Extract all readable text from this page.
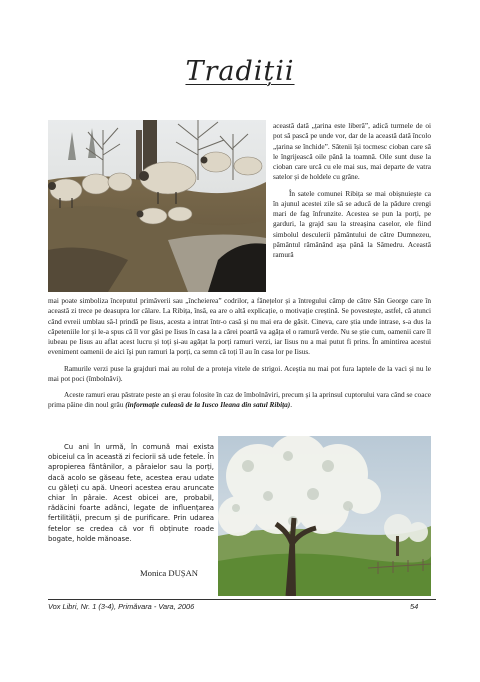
Tradiții

această dată „țarina este liberă”, adică turmele de oi pot să pască pe unde vor, dar de la această dată încolo „țarina se închide”. Sătenii își tocmesc cioban care să le îngrijească oile până la toamnă. Oile sunt duse la cioban care urcă cu ele mai sus, mai departe de vatra satelor și de holdele cu grâne.

În satele comunei Ribița se mai obișnuiește ca în ajunul acestei zile să se aducă de la pădure crengi mari de fag înfrunzite. Acestea se pun la porți, pe garduri, la grajd sau la streașina caselor, ele fiind simbolul desculerii pământului de către Dumnezeu, pământul rămânând așa până la Sâmedru. Această ramură

mai poate simboliza începutul primăverii sau „încheierea” codrilor, a fânețelor și a întregului câmp de către Sân George care în această zi trece pe deasupra lor călare. La Ribița, însă, ea are o altă explicație, o motivație creștină. Se povestește, astfel, că atunci când evreii umblau să-l prindă pe Iisus, acesta a intrat într-o casă și nu mai era de găsit. Cineva, care știa unde intrase, s-a dus la căpeteniile lor și le-a spus că îl vor găsi pe Iisus în casa la a cărei poartă va agăța el o ramură verde. Nu se știe cum, oamenii care îl iubeau pe Iisus au aflat acest lucru și toți și-au agățat la porți ramuri verzi, iar Iisus nu a mai putut fi prins. În amintirea acestui eveniment oamenii de aici își pun ramuri la porți, ca semn că toți îl au în casa lor pe Iisus.

Ramurile verzi puse la grajduri mai au rolul de a proteja vitele de strigoi. Aceștia nu mai pot fura laptele de la vaci și nu le mai pot poci (îmbolnăvi).

Aceste ramuri erau păstrate peste an și erau folosite în caz de îmbolnăviri, precum și la aprinsul cuptorului vara când se coace prima pâine din noul grâu (informație culeasă de la Iusco Ileana din satul Ribița).

Cu ani în urmă, în comună mai exista obiceiul ca în această zi feciorii să ude fetele. În apropierea fântânilor, a pâraielor sau la porți, dacă acolo se găseau fete, acestea erau udate cu gălеți cu apă. Uneori acestea erau aruncate chiar în pâraie. Acest obicei are, probabil, rădăcini foarte adânci, legate de influențarea fertilității, precum și de purificare. Prin udarea fetelor se credea că vor fi obținute roade bogate, holde mănoase.

Monica DUȘAN
Vox Libri, Nr. 1 (3-4), Primăvara - Vara, 2006	54
